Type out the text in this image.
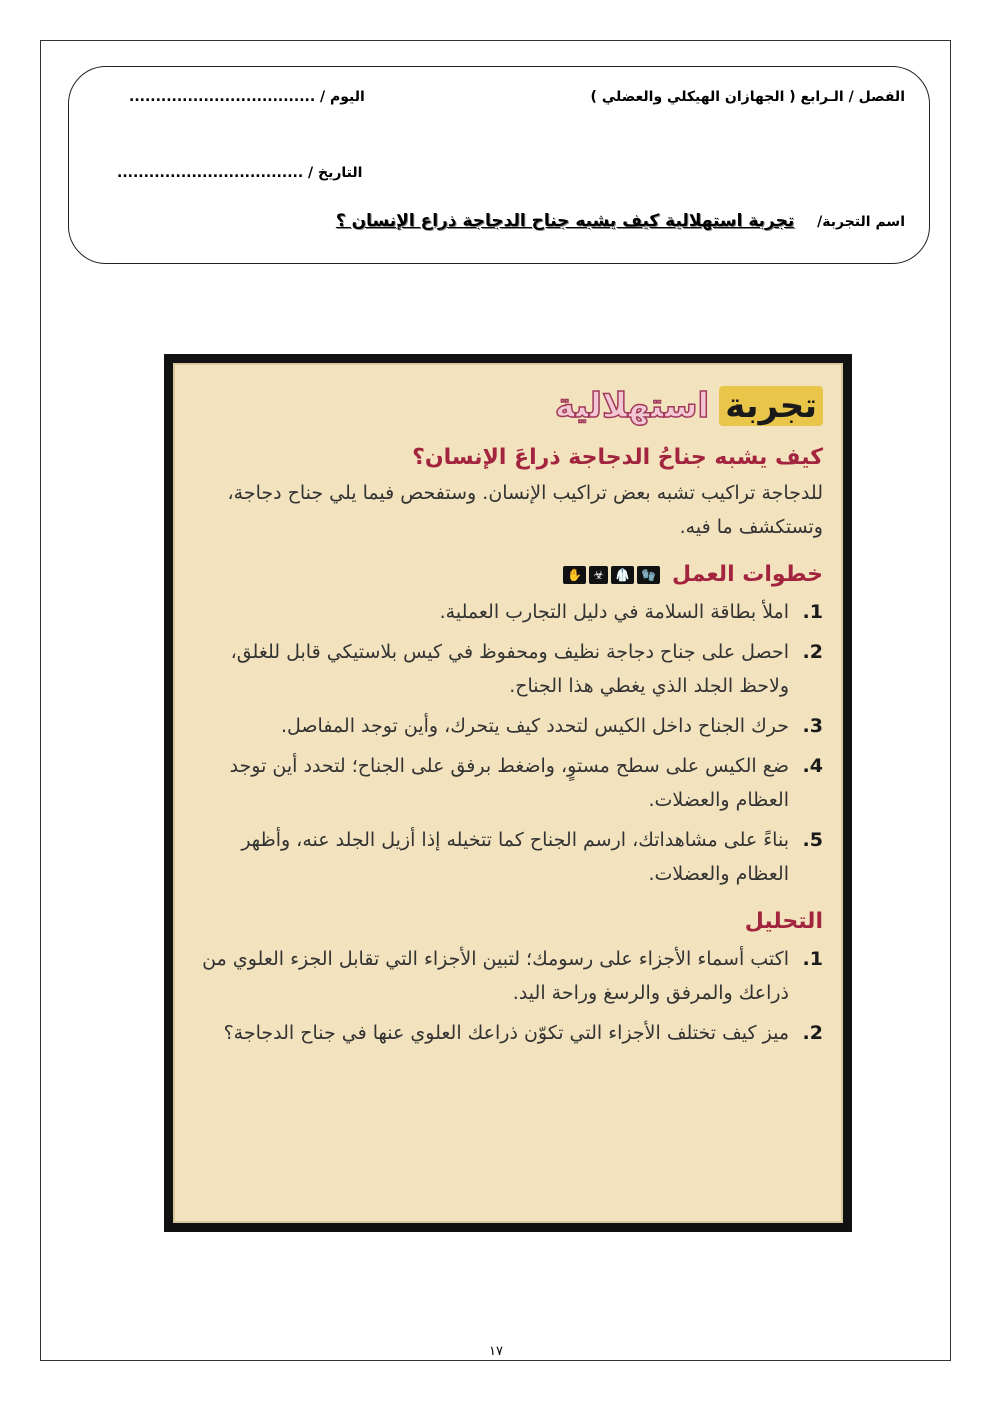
الفصل / الـرابع ( الجهازان الهيكلي والعضلي )
اليوم / ...................................
التاريخ / ...................................
اسم التجربة/ تجربة استهلالية كيف يشبه جناح الدجاجة ذراع الإنسان ؟
تجربة
استهلالية
كيف يشبه جناحُ الدجاجة ذراعَ الإنسان؟
للدجاجة تراكيب تشبه بعض تراكيب الإنسان. وستفحص فيما يلي جناح دجاجة، وتستكشف ما فيه.
خطوات العمل
🧤
🥼
☣
✋
1.
املأ بطاقة السلامة في دليل التجارب العملية.
2.
احصل على جناح دجاجة نظيف ومحفوظ في كيس بلاستيكي قابل للغلق، ولاحظ الجلد الذي يغطي هذا الجناح.
3.
حرك الجناح داخل الكيس لتحدد كيف يتحرك، وأين توجد المفاصل.
4.
ضع الكيس على سطح مستوٍ، واضغط برفق على الجناح؛ لتحدد أين توجد العظام والعضلات.
5.
بناءً على مشاهداتك، ارسم الجناح كما تتخيله إذا أزيل الجلد عنه، وأظهر العظام والعضلات.
التحليل
1.
اكتب أسماء الأجزاء على رسومك؛ لتبين الأجزاء التي تقابل الجزء العلوي من ذراعك والمرفق والرسغ وراحة اليد.
2.
ميز كيف تختلف الأجزاء التي تكوّن ذراعك العلوي عنها في جناح الدجاجة؟
١٧
